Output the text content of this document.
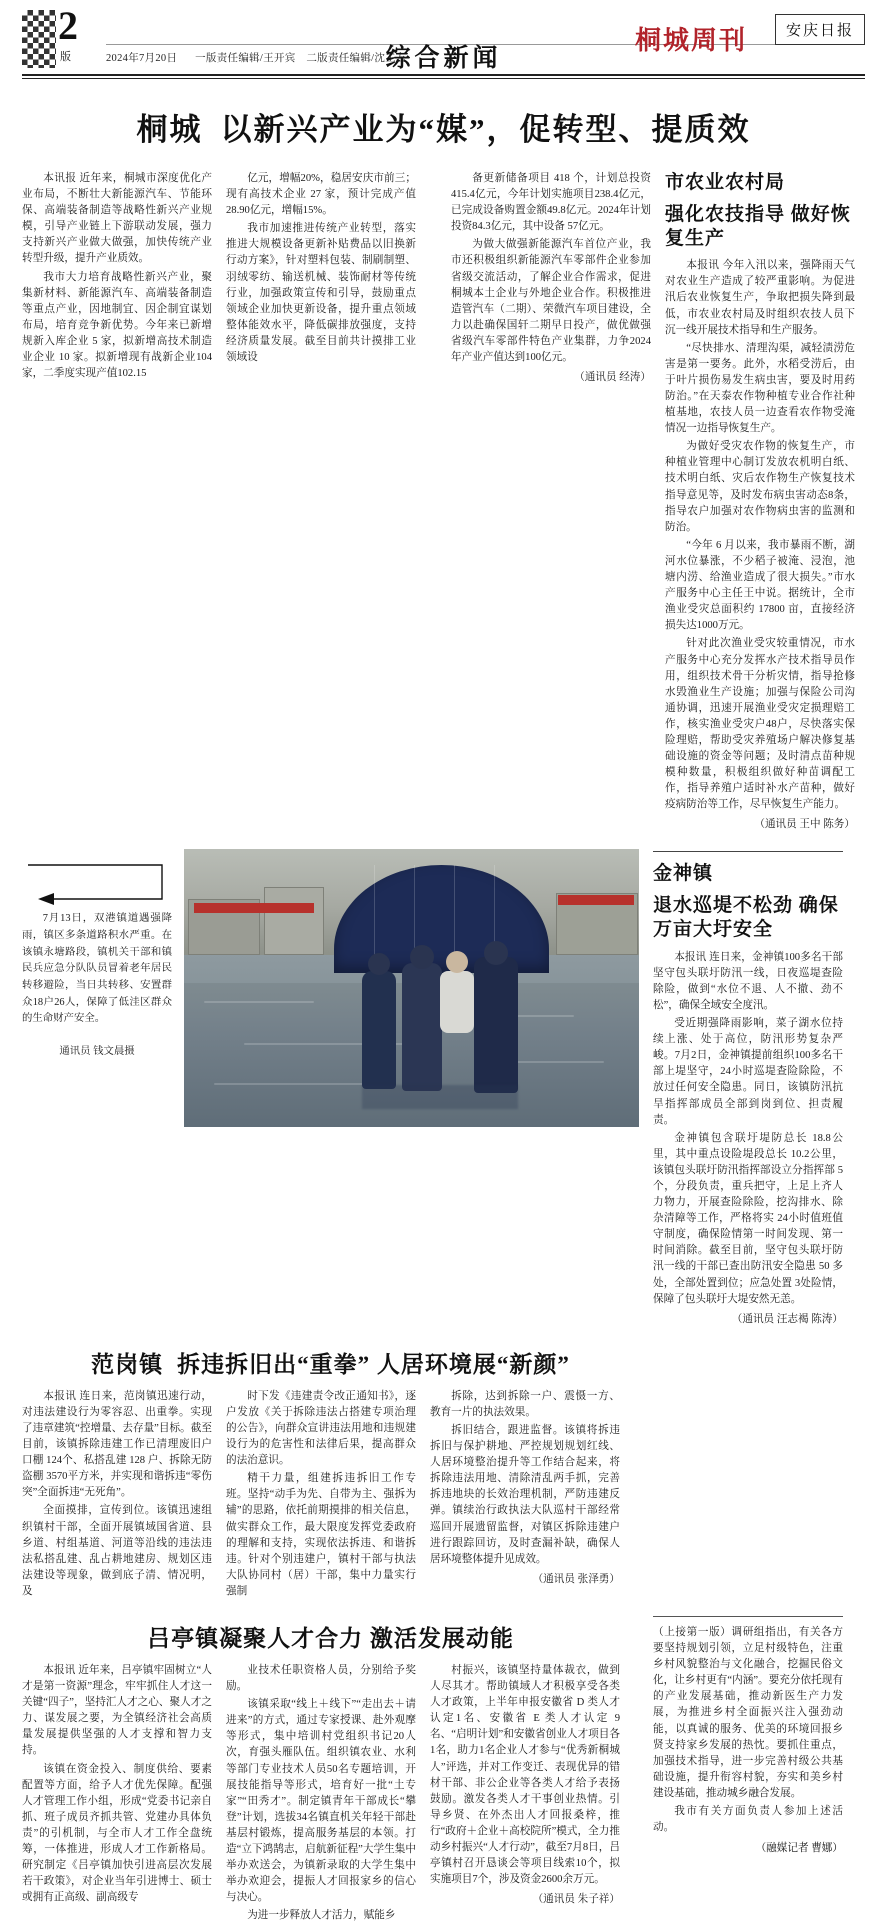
2
版	2024年7月20日 一版责任编辑/王开宾　二版责任编辑/沈工友
综合新闻
桐城周刊	安庆日报
桐城 以新兴产业为“媒”，促转型、提质效

本讯报 近年来，桐城市深度优化产业布局，不断壮大新能源汽车、节能环保、高端装备制造等战略性新兴产业规模，引导产业链上下游联动发展，强力支持新兴产业做大做强，加快传统产业转型升级，提升产业质效。

我市大力培育战略性新兴产业，聚集新材料、新能源汽车、高端装备制造等重点产业，因地制宜、因企制宜谋划布局，培育竞争新优势。今年来已新增规新入库企业 5 家，拟新增高技术制造业企业 10 家。拟新增现有战新企业104家，二季度实现产值102.15

亿元，增幅20%，稳居安庆市前三；现有高技术企业 27 家，预计完成产值 28.90亿元，增幅15%。

我市加速推进传统产业转型，落实推进大规模设备更新补贴费品以旧换新行动方案》，针对塑料包装、制刷制塑、羽绒零纺、输送机械、装饰耐材等传统行业，加强政策宣传和引导，鼓励重点领域企业加快更新设备，提升重点领域整体能效水平，降低碳排放强度，支持经济质量发展。截至目前共计摸排工业领域设

备更新储备项目 418 个，计划总投资415.4亿元，今年计划实施项目238.4亿元，已完成设备购置金额49.8亿元。2024年计划投资84.3亿元，其中设备 57亿元。

为做大做强新能源汽车首位产业，我市还积极组织新能源汽车零部件企业参加省级交流活动，了解企业合作需求，促进桐城本土企业与外地企业合作。积极推进造管汽车（二期）、荣微汽车项目建设，全力以赴确保国轩二期早日投产，做优做强省级汽车零部件特色产业集群，力争2024年产业产值达到100亿元。

（通讯员 经涛）
市农业农村局
强化农技指导 做好恢复生产

本报讯 今年入汛以来，强降雨天气对农业生产造成了较严重影响。为促进汛后农业恢复生产，争取把损失降到最低，市农业农村局及时组织农技人员下沉一线开展技术指导和生产服务。

“尽快排水、清理沟渠，减轻渍涝危害是第一要务。此外，水稻受涝后，由于叶片损伤易发生病虫害，要及时用药防治。”在天泰农作物种植专业合作社种植基地，农技人员一边查看农作物受淹情况一边指导恢复生产。

为做好受灾农作物的恢复生产，市种植业管理中心制订发放农机明白纸、技术明白纸、灾后农作物生产恢复技术指导意见等，及时发布病虫害动态8条，指导农户加强对农作物病虫害的监测和防治。

“今年 6 月以来，我市暴雨不断，湖河水位暴涨，不少稻子被淹、浸泡，池塘内涝、给渔业造成了很大损失。”市水产服务中心主任王中说。据统计，全市渔业受灾总面积约 17800 亩，直接经济损失达1000万元。

针对此次渔业受灾较重情况，市水产服务中心充分发挥水产技术指导员作用，组织技术骨干分析灾情，指导抢修水毁渔业生产设施；加强与保险公司沟通协调，迅速开展渔业受灾定损理赔工作，核实渔业受灾户48户，尽快落实保险理赔，帮助受灾养殖场户解决修复基础设施的资金等问题；及时清点苗种规模种数量，积极组织做好种苗调配工作，指导养殖户适时补水产苗种，做好疫病防治等工作，尽早恢复生产能力。

（通讯员 王中 陈务）
7月13日，双港镇道遇强降雨，镇区多条道路积水严重。在该镇永塘路段，镇机关干部和镇民兵应急分队队员冒着老年居民转移避险，当日共转移、安置群众18户26人，保障了低洼区群众的生命财产安全。
通讯员 钱文晨摄
金神镇
退水巡堤不松劲 确保万亩大圩安全

本报讯 连日来，金神镇100多名干部坚守包头联圩防汛一线，日夜巡堤查险除险，做到“水位不退、人不撤、劲不松”，确保全域安全度汛。

受近期强降雨影响，菜子湖水位持续上涨、处于高位，防汛形势复杂严峻。7月2日，金神镇提前组织100多名干部上堤坚守，24小时巡堤查险除险，不放过任何安全隐患。同日，该镇防汛抗旱指挥部成员全部到岗到位、担责履责。

金神镇包含联圩堤防总长 18.8公里，其中重点设险堤段总长 10.2公里，该镇包头联圩防汛指挥部设立分指挥部 5 个，分段负责，重兵把守，上足上齐人力物力，开展查险除险，挖沟排水、除杂清障等工作，严格将实 24小时值班值守制度，确保险情第一时间发现、第一时间消除。截至目前，坚守包头联圩防汛一线的干部已查出防汛安全隐患 50 多处，全部处置到位；应急处置 3处险情，保障了包头联圩大堤安然无恙。

（通讯员 汪志褐 陈涛）
范岗镇 拆违拆旧出“重拳” 人居环境展“新颜”

本报讯 连日来，范岗镇迅速行动，对违法建设行为零容忍、出重拳。实现了违章建筑“控增量、去存量”目标。截至目前，该镇拆除违建工作已清理废旧户口棚 124个、私搭乱建 128 户、拆除无防盗棚 3570平方米，并实现和谐拆违“零伤突”全面拆违“无死角”。

全面摸排，宣传到位。该镇迅速组织镇村干部，全面开展镇域国省道、县乡道、村组基道、河道等沿线的违法违法私搭乱建、乱占耕地建房、规划区违法建设等现象，做到底子清、情况明，及

时下发《违建责令改正通知书》，逐户发放《关于拆除违法占搭建专项治理的公告》，向群众宣讲违法用地和违规建设行为的危害性和法律后果，提高群众的法治意识。

精干力量，组建拆违拆旧工作专班。坚持“动手为先、自带为主、强拆为辅”的思路，依托前期摸排的相关信息，做实群众工作，最大限度发挥党委政府的理解和支持，实现依法拆违、和谐拆违。针对个别违建户，镇村干部与执法大队协同村（居）干部，集中力量实行强制

拆除，达到拆除一户、震慑一方、教育一片的执法效果。

拆旧结合，跟进监督。该镇将拆违拆旧与保护耕地、严控规划规划红线、人居环境整治提升等工作结合起来，将拆除违法用地、清除清乱两手抓，完善拆违地块的长效治理机制，严防违建反弹。镇续治行政执法大队巡村干部经常巡回开展遗留监督，对镇区拆除违建户进行跟踪回访，及时查漏补缺，确保人居环境整体提升见成效。

（通讯员 张泽勇）
吕亭镇凝聚人才合力 激活发展动能

本报讯 近年来，吕亭镇牢固树立“人才是第一资源”理念，牢牢抓住人才这一关键“四子”，坚持汇人才之心、聚人才之力、谋发展之要，为全镇经济社会高质量发展提供坚强的人才支撑和智力支持。

该镇在资金投入、制度供给、要素配置等方面，给予人才优先保障。配强人才管理工作小组，形成“党委书记亲自抓、班子成员齐抓共管、党建办具体负责”的引机制，与全市人才工作全盘统筹，一体推进，形成人才工作新格局。研究制定《吕亭镇加快引进高层次发展若干政策》，对企业当年引进博士、硕士或拥有正高级、副高级专

业技术任职资格人员，分别给予奖励。

该镇采取“线上＋线下”“走出去＋请进来”的方式，通过专家授课、赴外观摩等形式，集中培训村党组织书记20人次，育强头雁队伍。组织镇农业、水利等部门专业技术人员50名专题培训，开展技能指导等形式，培育好一批“土专家”“田秀才”。制定镇青年干部成长“攀登”计划，选拔34名镇直机关年轻干部赴基层村锻炼，提高服务基层的本领。打造“立下鸿鹄志，启航新征程”大学生集中举办欢送会，为镇新录取的大学生集中举办欢迎会，提振人才回报家乡的信心与决心。

为进一步释放人才活力，赋能乡

村振兴，该镇坚持量体裁衣，做到人尽其才。帮助镇域人才积极享受各类人才政策，上半年申报安徽省 D 类人才认定1名、安徽省 E 类人才认定 9 名、“启明计划”和安徽省创业人才项目各1名，助力1名企业人才参与“优秀新桐城人”评选，并对工作变迁、表现优异的错材干部、非公企业等各类人才给予表扬鼓励。激发各类人才干事创业热情。引导乡贤、在外杰出人才回报桑梓，推行“政府＋企业＋高校院所”模式，全力推动乡村振兴“人才行动”，截至7月8日，吕亭镇村召开恳谈会等项目线索10个，拟实施项目7个，涉及资金2600余万元。

（通讯员 朱子祥）

（上接第一版）调研组指出，有关各方要坚持规划引领，立足村级特色，注重乡村风貌整治与文化融合，挖掘民俗文化，让乡村更有“内涵”。要充分依托现有的产业发展基础，推动新医生产力发展，为推进乡村全面振兴注入强劲动能，以真诚的服务、优美的环境回报乡贤支持家乡发展的热忱。要抓住重点，加强技术指导，进一步完善村级公共基础设施，提升衔容村貌，夯实和美乡村建设基础，推动城乡融合发展。

我市有关方面负责人参加上述活动。

（融媒记者 曹娜）
